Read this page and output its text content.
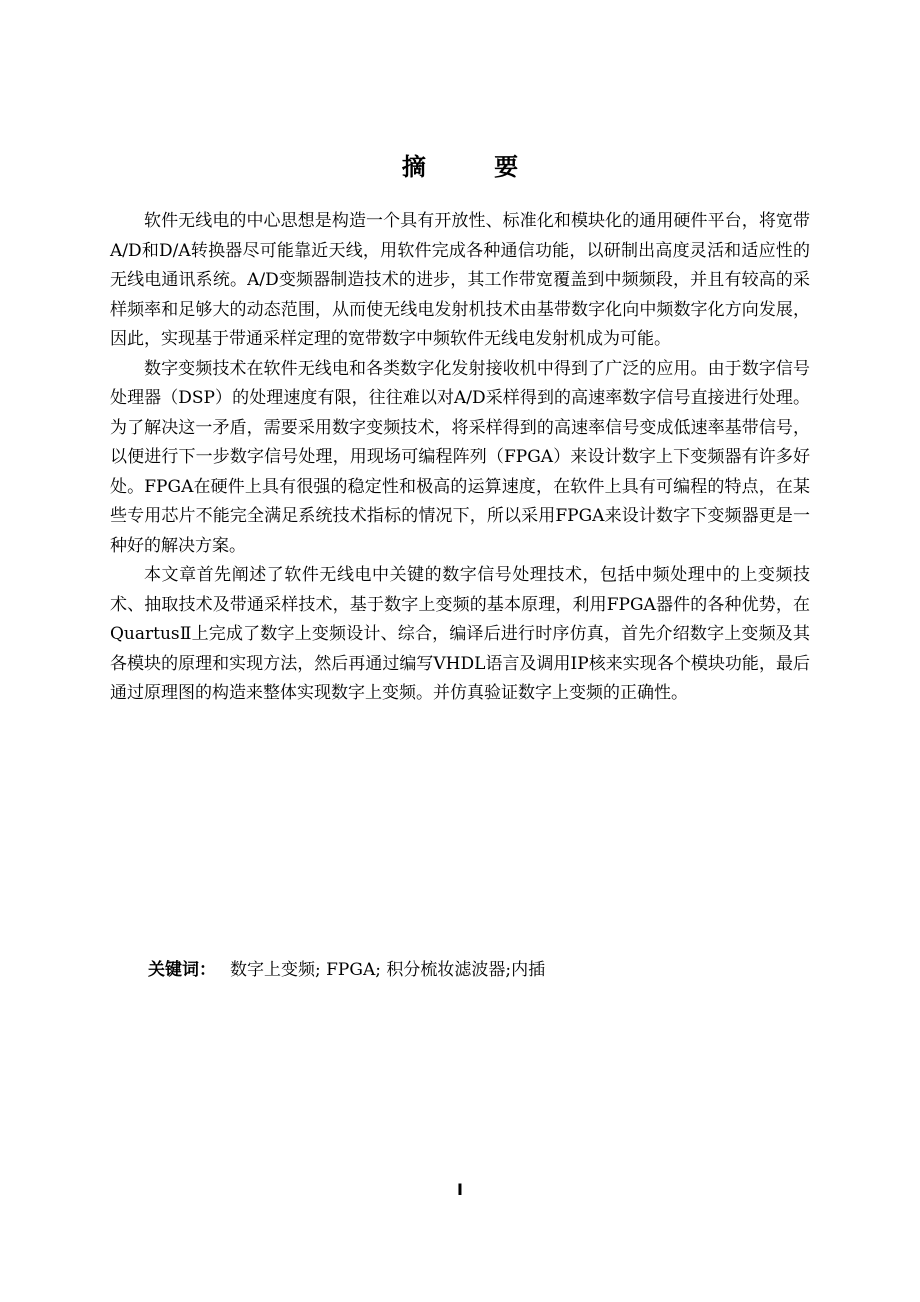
摘 要

软件无线电的中心思想是构造一个具有开放性、标准化和模块化的通用硬件平台，将宽带A/D和D/A转换器尽可能靠近天线，用软件完成各种通信功能，以研制出高度灵活和适应性的无线电通讯系统。A/D变频器制造技术的进步，其工作带宽覆盖到中频频段，并且有较高的采样频率和足够大的动态范围，从而使无线电发射机技术由基带数字化向中频数字化方向发展，因此，实现基于带通采样定理的宽带数字中频软件无线电发射机成为可能。

数字变频技术在软件无线电和各类数字化发射接收机中得到了广泛的应用。由于数字信号处理器（DSP）的处理速度有限，往往难以对A/D采样得到的高速率数字信号直接进行处理。为了解决这一矛盾，需要采用数字变频技术，将采样得到的高速率信号变成低速率基带信号，以便进行下一步数字信号处理，用现场可编程阵列（FPGA）来设计数字上下变频器有许多好处。FPGA在硬件上具有很强的稳定性和极高的运算速度，在软件上具有可编程的特点，在某些专用芯片不能完全满足系统技术指标的情况下，所以采用FPGA来设计数字下变频器更是一种好的解决方案。

本文章首先阐述了软件无线电中关键的数字信号处理技术，包括中频处理中的上变频技术、抽取技术及带通采样技术，基于数字上变频的基本原理，利用FPGA器件的各种优势，在QuartusⅡ上完成了数字上变频设计、综合，编译后进行时序仿真，首先介绍数字上变频及其各模块的原理和实现方法，然后再通过编写VHDL语言及调用IP核来实现各个模块功能，最后通过原理图的构造来整体实现数字上变频。并仿真验证数字上变频的正确性。

关键词： 数字上变频; FPGA; 积分梳妆滤波器;内插
I
